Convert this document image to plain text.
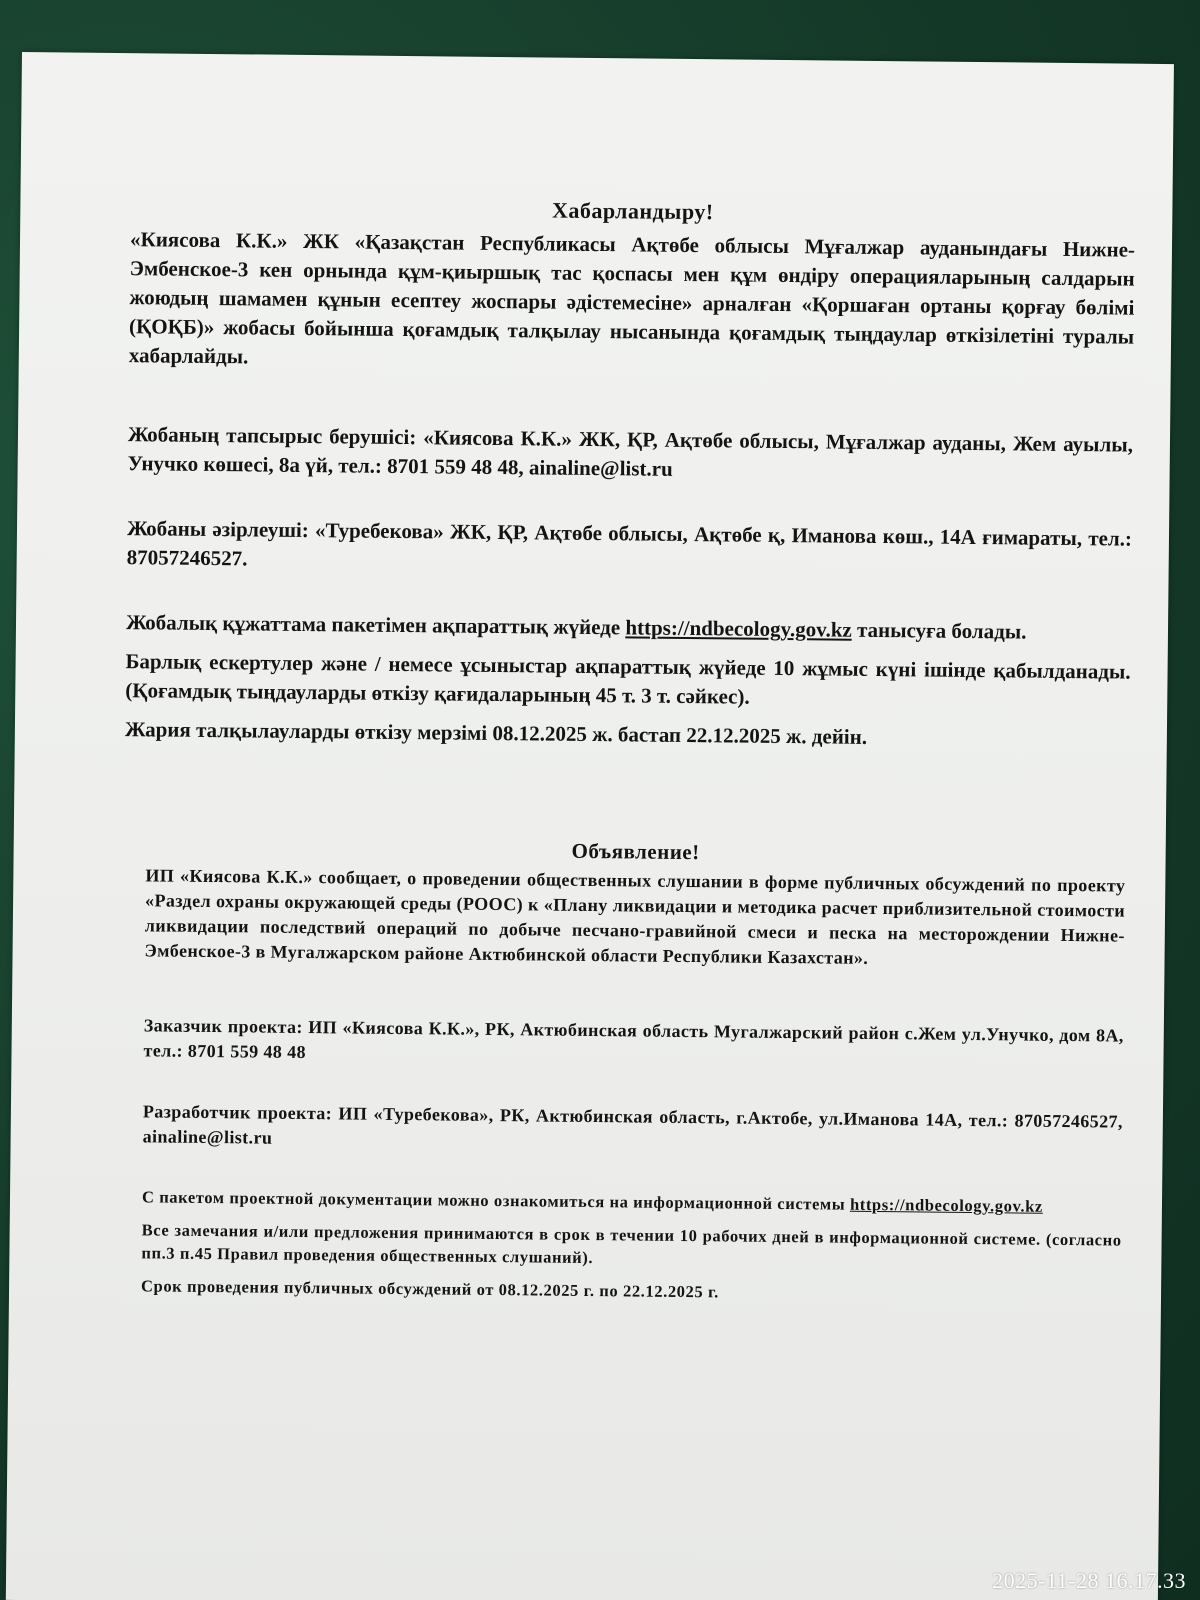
Хабарландыру!

«Киясова К.К.» ЖК «Қазақстан Республикасы Ақтөбе облысы Мұғалжар ауданындағы Нижне-Эмбенское-3 кен орнында құм-қиыршық тас қоспасы мен құм өндіру операцияларының салдарын жоюдың шамамен құнын есептеу жоспары әдістемесіне» арналған «Қоршаған ортаны қорғау бөлімі (ҚОҚБ)» жобасы бойынша қоғамдық талқылау нысанында қоғамдық тыңдаулар өткізілетіні туралы хабарлайды.

Жобаның тапсырыс берушісі: «Киясова К.К.» ЖК, ҚР, Ақтөбе облысы, Мұғалжар ауданы, Жем ауылы, Унучко көшесі, 8а үй, тел.: 8701 559 48 48, ainaline@list.ru

Жобаны әзірлеуші: «Туребекова» ЖК, ҚР, Ақтөбе облысы, Ақтөбе қ, Иманова көш., 14А ғимараты, тел.: 87057246527.

Жобалық құжаттама пакетімен ақпараттық жүйеде https://ndbecology.gov.kz танысуға болады.

Барлық ескертулер және / немесе ұсыныстар ақпараттық жүйеде 10 жұмыс күні ішінде қабылданады. (Қоғамдық тыңдауларды өткізу қағидаларының 45 т. 3 т. сәйкес).

Жария талқылауларды өткізу мерзімі 08.12.2025 ж. бастап 22.12.2025 ж. дейін.

Объявление!

ИП «Киясова К.К.» сообщает, о проведении общественных слушании в форме публичных обсуждений по проекту «Раздел охраны окружающей среды (РООС) к «Плану ликвидации и методика расчет приблизительной стоимости ликвидации последствий операций по добыче песчано-гравийной смеси и песка на месторождении Нижне-Эмбенское-3 в Мугалжарском районе Актюбинской области Республики Казахстан».

Заказчик проекта: ИП «Киясова К.К.», РК, Актюбинская область Мугалжарский район с.Жем ул.Унучко, дом 8А, тел.: 8701 559 48 48

Разработчик проекта: ИП «Туребекова», РК, Актюбинская область, г.Актобе, ул.Иманова 14А, тел.: 87057246527, ainaline@list.ru

С пакетом проектной документации можно ознакомиться на информационной системы https://ndbecology.gov.kz

Все замечания и/или предложения принимаются в срок в течении 10 рабочих дней в информационной системе. (согласно пп.3 п.45 Правил проведения общественных слушаний).

Срок проведения публичных обсуждений от 08.12.2025 г. по 22.12.2025 г.

2025-11-28 16.17.33
